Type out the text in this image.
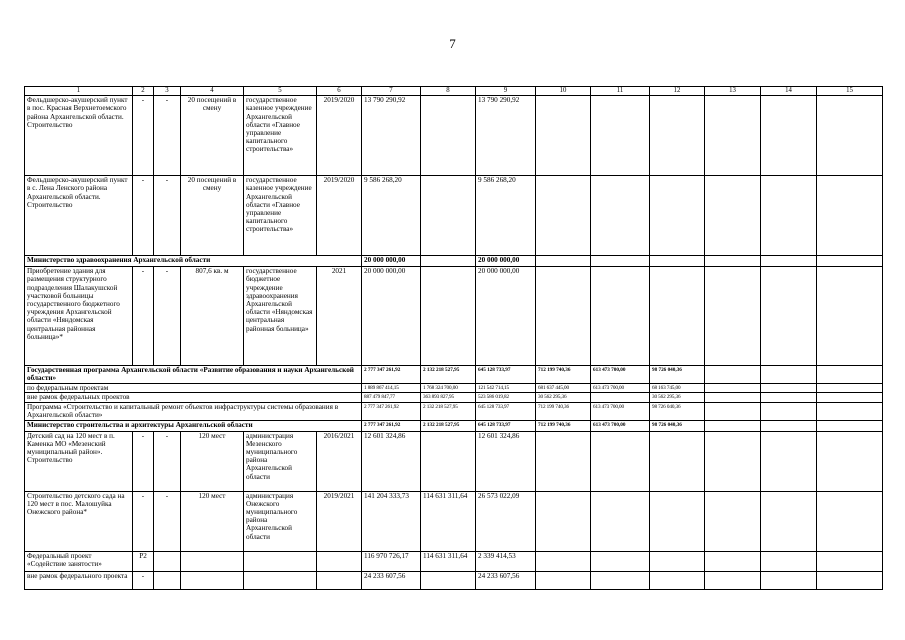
7
1	2	3	4	5	6	7	8	9	10	11	12	13	14	15
Фельдшерско-акушерский пункт в пос. Красная Верхнетоемского района Архангельской области. Строительство	-	-	20 посещений в смену	государственное казенное учреждение Архангельской области «Главное управление капитального строительства»	2019/2020	13 790 290,92		13 790 290,92						
Фельдшерско-акушерский пункт в с. Лена Ленского района Архангельской области. Строительство	-	-	20 посещений в смену	государственное казенное учреждение Архангельской области «Главное управление капитального строительства»	2019/2020	9 586 268,20		9 586 268,20						
Министерство здравоохранения Архангельской области						20 000 000,00		20 000 000,00						
Приобретение здания для размещения структурного подразделения Шалакушской участковой больницы государственного бюджетного учреждения Архангельской области «Няндомская центральная районная больница»*	-	-	807,6 кв. м	государственное бюджетное учреждение здравоохранения Архангельской области «Няндомская центральная районная больница»	2021	20 000 000,00		20 000 000,00						
Государственная программа Архангельской области «Развитие образования и науки Архангельской области»						2 777 347 261,92	2 132 218 527,95	645 128 733,97	712 199 740,36	613 473 700,00	98 726 040,36			
по федеральным проектам						1 889 867 414,15	1 768 324 700,00	121 542 714,15	681 637 445,00	613 473 700,00	68 163 745,00			
вне рамок федеральных проектов						887 479 847,77	363 893 827,95	523 586 019,82	30 562 295,36		30 562 295,36			
Программа «Строительство и капитальный ремонт объектов инфраструктуры системы образования в Архангельской области»						2 777 347 261,92	2 132 218 527,95	645 128 733,97	712 199 740,36	613 473 700,00	98 726 040,36			
Министерство строительства и архитектуры Архангельской области						2 777 347 261,92	2 132 218 527,95	645 128 733,97	712 199 740,36	613 473 700,00	98 726 040,36			
Детский сад на 120 мест в п. Каменка МО «Мезенский муниципальный район». Строительство	-	-	120 мест	администрация Мезенского муниципального района Архангельской области	2016/2021	12 601 324,86		12 601 324,86						
Строительство детского сада на 120 мест в пос. Малошуйка Онежского района*	-	-	120 мест	администрация Онежского муниципального района Архангельской области	2019/2021	141 204 333,73	114 631 311,64	26 573 022,09						
Федеральный проект «Содействие занятости»	P2					116 970 726,17	114 631 311,64	2 339 414,53						
вне рамок федерального проекта	-					24 233 607,56		24 233 607,56						
